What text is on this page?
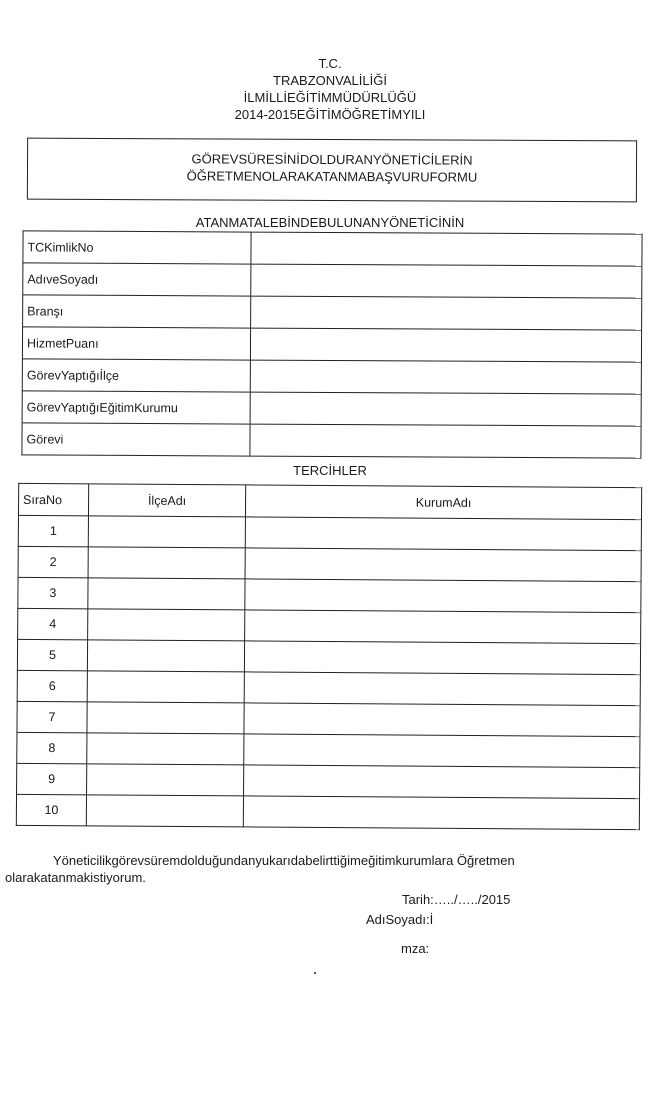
T.C.
TRABZONVALİLİĞİ
İLMİLLİEĞİTİMMÜDÜRLÜĞÜ
2014-2015EĞİTİMÖĞRETİMYILI
GÖREVSÜRESİNİDOLDURANYÖNETİCİLERİN
ÖĞRETMENOLARAKATANMABAŞVURUFORMU
ATANMATALEBİNDEBULUNANYÖNETİCİNİN
TCKimlikNo	
AdıveSoyadı	
Branşı	
HizmetPuanı	
GörevYaptığıİlçe	
GörevYaptığıEğitimKurumu	
Görevi	
TERCİHLER
SıraNo	İlçeAdı	KurumAdı
1		
2		
3		
4		
5		
6		
7		
8		
9		
10		
Yöneticilikgörevsüremdolduğundanyukarıdabelirttiğimeğitimkurumlara Öğretmen
olarakatanmakistiyorum.
Tarih:…../…../2015
AdıSoyadı:İ
mza:
